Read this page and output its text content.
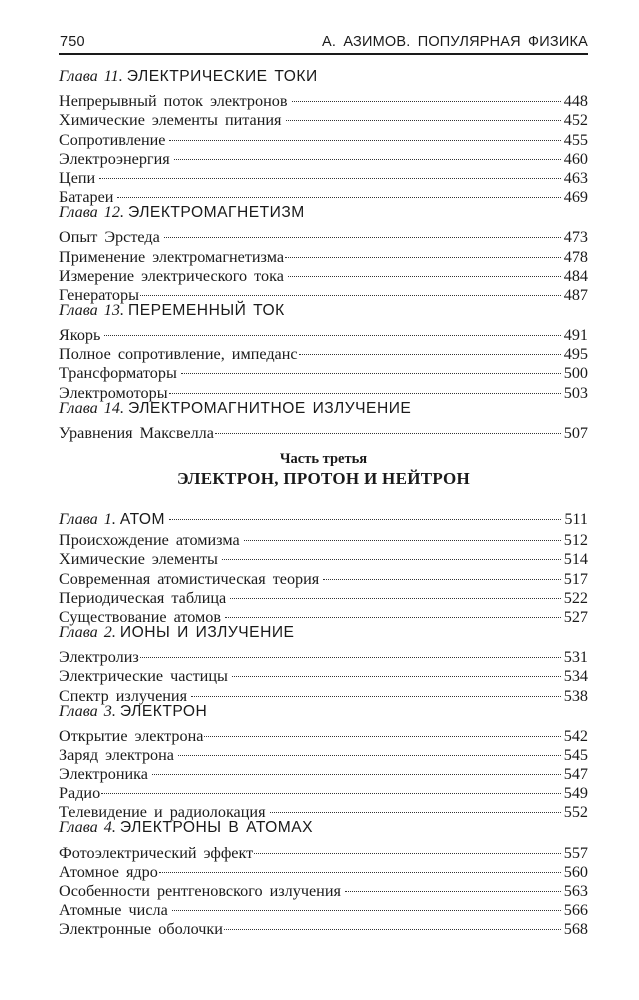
750	А. АЗИМОВ. ПОПУЛЯРНАЯ ФИЗИКА
Глава 11. ЭЛЕКТРИЧЕСКИЕ ТОКИ
Непрерывный поток электронов	448
Химические элементы питания	452
Сопротивление	455
Электроэнергия	460
Цепи	463
Батареи	469
Глава 12. ЭЛЕКТРОМАГНЕТИЗМ
Опыт Эрстеда	473
Применение электромагнетизма	478
Измерение электрического тока	484
Генераторы	487
Глава 13. ПЕРЕМЕННЫЙ ТОК
Якорь	491
Полное сопротивление, импеданс	495
Трансформаторы	500
Электромоторы	503
Глава 14. ЭЛЕКТРОМАГНИТНОЕ ИЗЛУЧЕНИЕ
Уравнения Максвелла	507
Часть третья
ЭЛЕКТРОН, ПРОТОН И НЕЙТРОН
Глава 1.
АТОМ	511
Происхождение атомизма	512
Химические элементы	514
Современная атомистическая теория	517
Периодическая таблица	522
Существование атомов	527
Глава 2. ИОНЫ И ИЗЛУЧЕНИЕ
Электролиз	531
Электрические частицы	534
Спектр излучения	538
Глава 3. ЭЛЕКТРОН
Открытие электрона	542
Заряд электрона	545
Электроника	547
Радио	549
Телевидение и радиолокация	552
Глава 4. ЭЛЕКТРОНЫ В АТОМАХ
Фотоэлектрический эффект	557
Атомное ядро	560
Особенности рентгеновского излучения	563
Атомные числа	566
Электронные оболочки	568
